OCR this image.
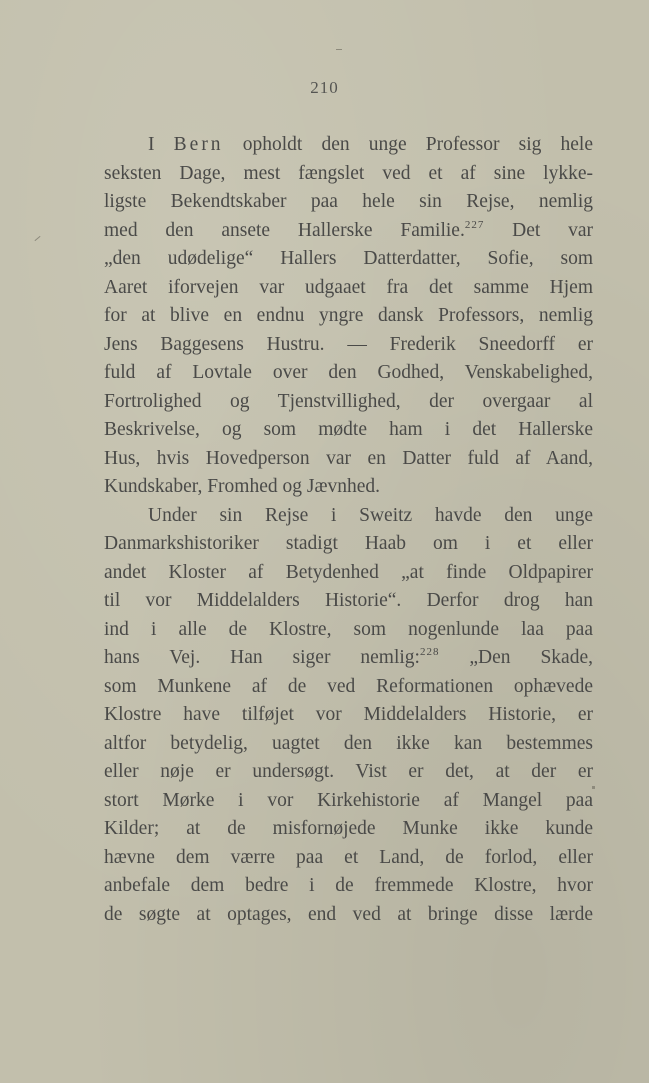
210
I Bern opholdt den unge Professor sig hele
seksten Dage, mest fængslet ved et af sine lykke-
ligste Bekendtskaber paa hele sin Rejse, nemlig
med den ansete Hallerske Familie.$^{227}$ Det var
„den udødelige“ Hallers Datterdatter, Sofie, som
Aaret iforvejen var udgaaet fra det samme Hjem
for at blive en endnu yngre dansk Professors, nemlig
Jens Baggesens Hustru. — Frederik Sneedorff er
fuld af Lovtale over den Godhed, Venskabelighed,
Fortrolighed og Tjenstvillighed, der overgaar al
Beskrivelse, og som mødte ham i det Hallerske
Hus, hvis Hovedperson var en Datter fuld af Aand,
Kundskaber, Fromhed og Jævnhed.
Under sin Rejse i Sweitz havde den unge
Danmarkshistoriker stadigt Haab om i et eller
andet Kloster af Betydenhed „at finde Oldpapirer
til vor Middelalders Historie“. Derfor drog han
ind i alle de Klostre, som nogenlunde laa paa
hans Vej. Han siger nemlig:$^{228}$ „Den Skade,
som Munkene af de ved Reformationen ophævede
Klostre have tilføjet vor Middelalders Historie, er
altfor betydelig, uagtet den ikke kan bestemmes
eller nøje er undersøgt. Vist er det, at der er
stort Mørke i vor Kirkehistorie af Mangel paa
Kilder; at de misfornøjede Munke ikke kunde
hævne dem værre paa et Land, de forlod, eller
anbefale dem bedre i de fremmede Klostre, hvor
de søgte at optages, end ved at bringe disse lærde
